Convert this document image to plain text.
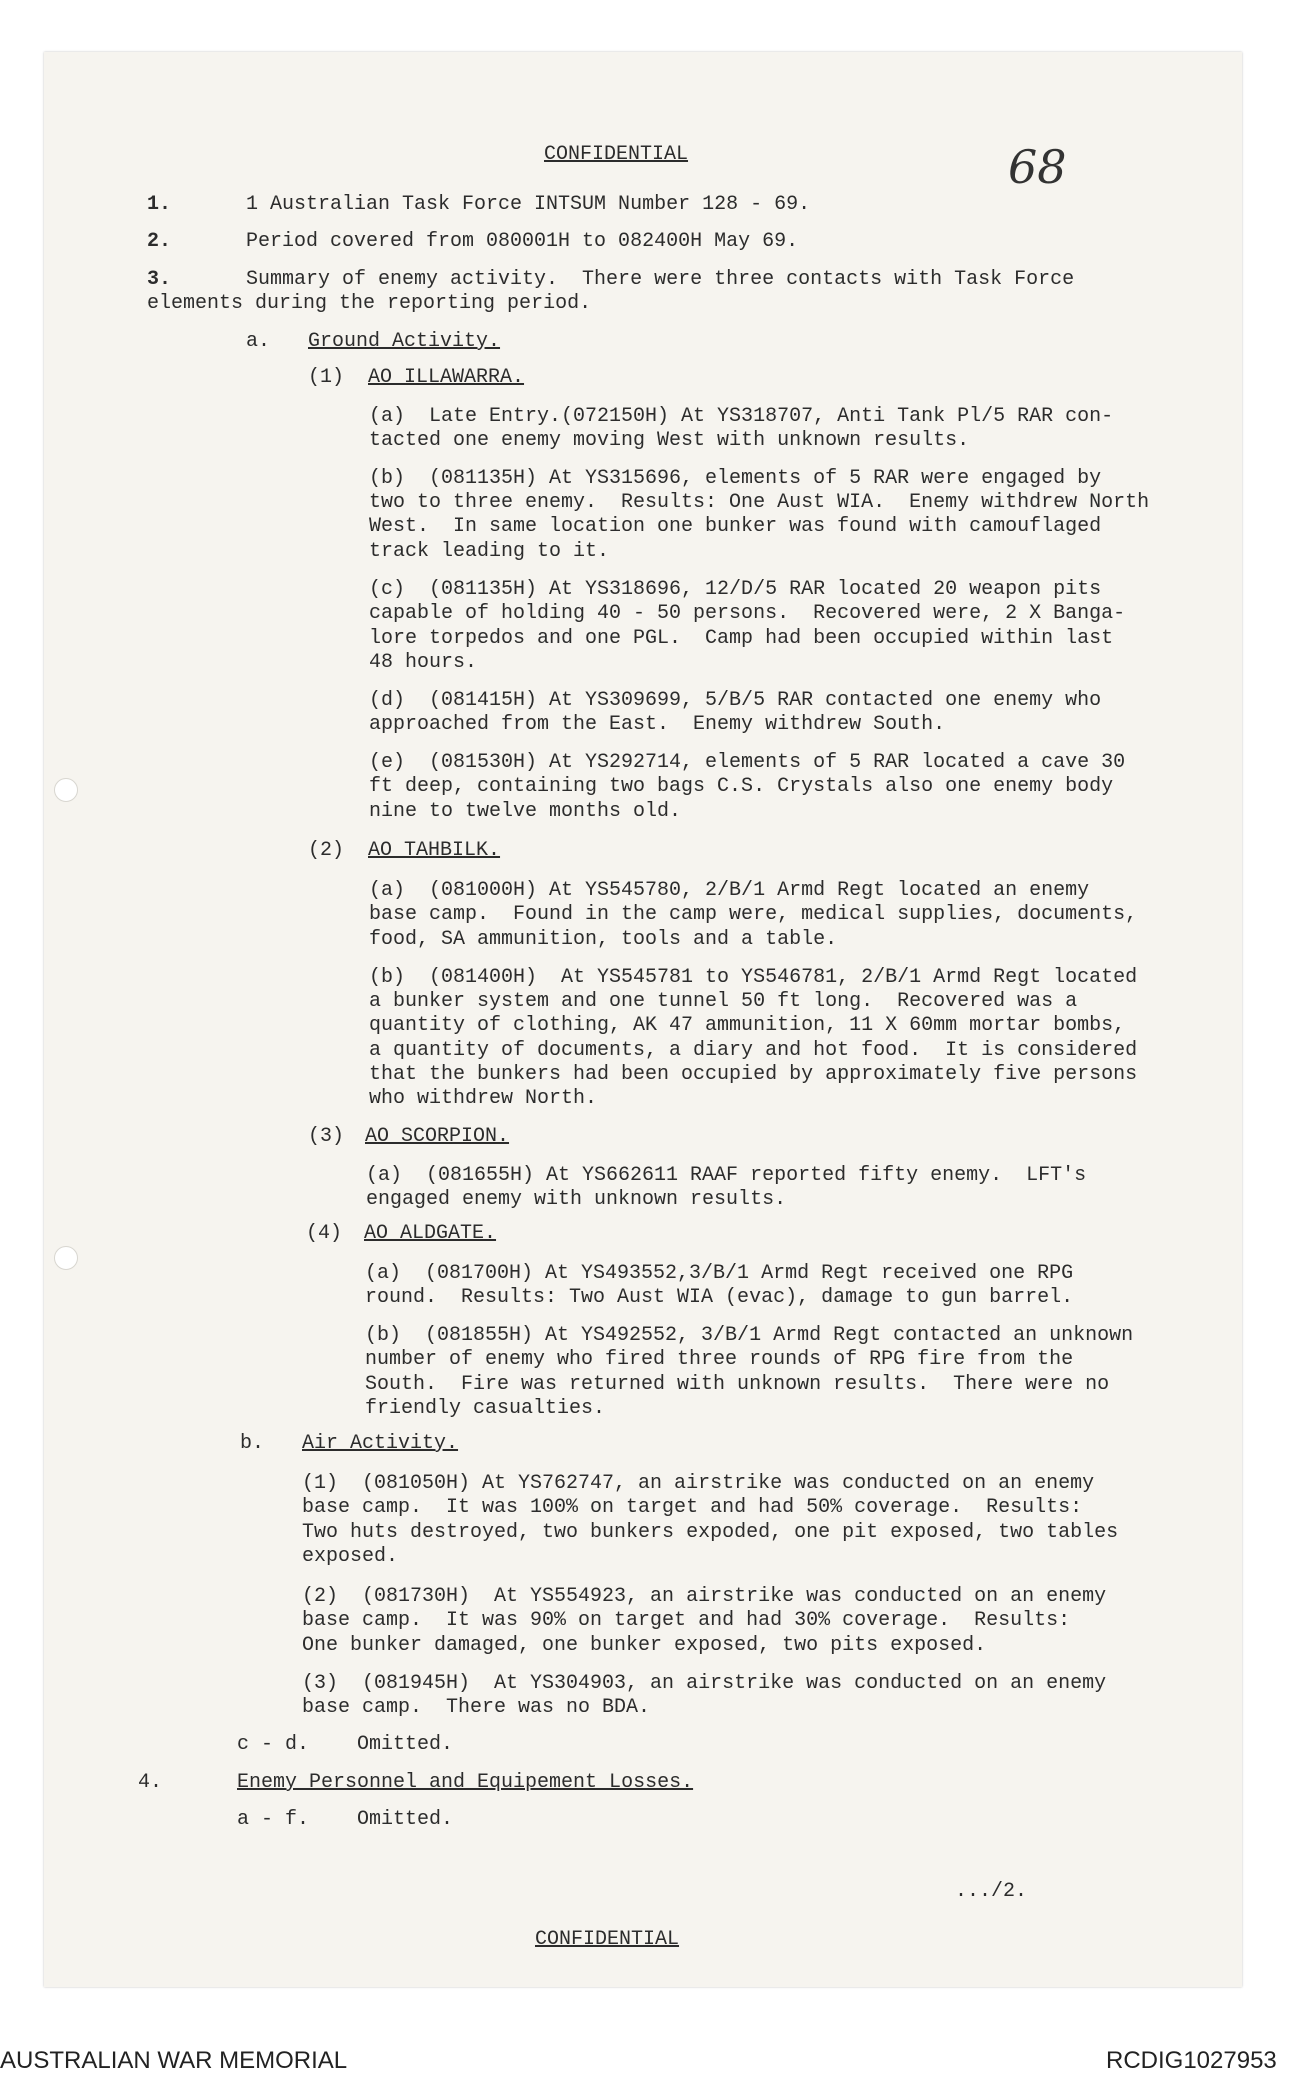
CONFIDENTIAL	68
1.	1 Australian Task Force INTSUM Number 128 - 69.
2.	Period covered from 080001H to 082400H May 69.
3.	Summary of enemy activity.  There were three contacts with Task Force
elements during the reporting period.
a. Ground Activity.
(1) AO ILLAWARRA.
(a)  Late Entry.(072150H) At YS318707, Anti Tank Pl/5 RAR con-
tacted one enemy moving West with unknown results.
(b)  (081135H) At YS315696, elements of 5 RAR were engaged by
two to three enemy.  Results: One Aust WIA.  Enemy withdrew North
West.  In same location one bunker was found with camouflaged
track leading to it.
(c)  (081135H) At YS318696, 12/D/5 RAR located 20 weapon pits
capable of holding 40 - 50 persons.  Recovered were, 2 X Banga-
lore torpedos and one PGL.  Camp had been occupied within last
48 hours.
(d)  (081415H) At YS309699, 5/B/5 RAR contacted one enemy who
approached from the East.  Enemy withdrew South.
(e)  (081530H) At YS292714, elements of 5 RAR located a cave 30
ft deep, containing two bags C.S. Crystals also one enemy body
nine to twelve months old.
(2) AO TAHBILK.
(a)  (081000H) At YS545780, 2/B/1 Armd Regt located an enemy
base camp.  Found in the camp were, medical supplies, documents,
food, SA ammunition, tools and a table.
(b)  (081400H)  At YS545781 to YS546781, 2/B/1 Armd Regt located
a bunker system and one tunnel 50 ft long.  Recovered was a
quantity of clothing, AK 47 ammunition, 11 X 60mm mortar bombs,
a quantity of documents, a diary and hot food.  It is considered
that the bunkers had been occupied by approximately five persons
who withdrew North.
(3) AO SCORPION.
(a)  (081655H) At YS662611 RAAF reported fifty enemy.  LFT's
engaged enemy with unknown results.
(4) AO ALDGATE.
(a)  (081700H) At YS493552,3/B/1 Armd Regt received one RPG
round.  Results: Two Aust WIA (evac), damage to gun barrel.
(b)  (081855H) At YS492552, 3/B/1 Armd Regt contacted an unknown
number of enemy who fired three rounds of RPG fire from the
South.  Fire was returned with unknown results.  There were no
friendly casualties.
b. Air Activity.
(1)  (081050H) At YS762747, an airstrike was conducted on an enemy
base camp.  It was 100% on target and had 50% coverage.  Results:
Two huts destroyed, two bunkers expoded, one pit exposed, two tables
exposed.
(2)  (081730H)  At YS554923, an airstrike was conducted on an enemy
base camp.  It was 90% on target and had 30% coverage.  Results:
One bunker damaged, one bunker exposed, two pits exposed.
(3)  (081945H)  At YS304903, an airstrike was conducted on an enemy
base camp.  There was no BDA.
c - d.    Omitted.
4.	Enemy Personnel and Equipement Losses.
a - f.    Omitted.
.../2.
CONFIDENTIAL
AUSTRALIAN WAR MEMORIAL	RCDIG1027953
